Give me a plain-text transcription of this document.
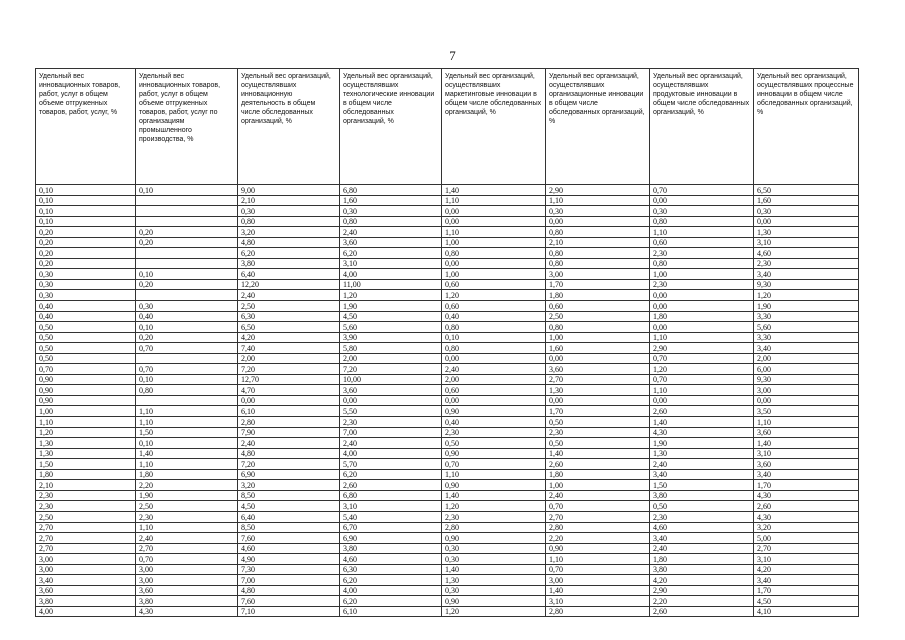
7
Удельный вес инновационных товаров, работ, услуг в общем объеме отгруженных товаров, работ, услуг, %	Удельный вес инновационных товаров, работ, услуг в общем объеме отгруженных товаров, работ, услуг по организациям промышленного производства, %	Удельный вес организаций, осуществлявших инновационную деятельность в общем числе обследованных организаций, %	Удельный вес организаций, осуществлявших технологические инновации в общем числе обследованных организаций, %	Удельный вес организаций, осуществлявших маркетинговые инновации в общем числе обследованных организаций, %	Удельный вес организаций, осуществлявших организационные инновации в общем числе обследованных организаций, %	Удельный вес организаций, осуществлявших продуктовые инновации в общем числе обследованных организаций, %	Удельный вес организаций, осуществлявших процессные инновации в общем числе обследованных организаций, %
0,10	0,10	9,00	6,80	1,40	2,90	0,70	6,50
0,10		2,10	1,60	1,10	1,10	0,00	1,60
0,10		0,30	0,30	0,00	0,30	0,30	0,30
0,10		0,80	0,80	0,00	0,00	0,80	0,00
0,20	0,20	3,20	2,40	1,10	0,80	1,10	1,30
0,20	0,20	4,80	3,60	1,00	2,10	0,60	3,10
0,20		6,20	6,20	0,80	0,80	2,30	4,60
0,20		3,80	3,10	0,00	0,80	0,80	2,30
0,30	0,10	6,40	4,00	1,00	3,00	1,00	3,40
0,30	0,20	12,20	11,00	0,60	1,70	2,30	9,30
0,30		2,40	1,20	1,20	1,80	0,00	1,20
0,40	0,30	2,50	1,90	0,60	0,60	0,00	1,90
0,40	0,40	6,30	4,50	0,40	2,50	1,80	3,30
0,50	0,10	6,50	5,60	0,80	0,80	0,00	5,60
0,50	0,20	4,20	3,90	0,10	1,00	1,10	3,30
0,50	0,70	7,40	5,80	0,80	1,60	2,90	3,40
0,50		2,00	2,00	0,00	0,00	0,70	2,00
0,70	0,70	7,20	7,20	2,40	3,60	1,20	6,00
0,90	0,10	12,70	10,00	2,00	2,70	0,70	9,30
0,90	0,80	4,70	3,60	0,60	1,30	1,10	3,00
0,90		0,00	0,00	0,00	0,00	0,00	0,00
1,00	1,10	6,10	5,50	0,90	1,70	2,60	3,50
1,10	1,10	2,80	2,30	0,40	0,50	1,40	1,10
1,20	1,50	7,90	7,00	2,30	2,30	4,30	3,60
1,30	0,10	2,40	2,40	0,50	0,50	1,90	1,40
1,30	1,40	4,80	4,00	0,90	1,40	1,30	3,10
1,50	1,10	7,20	5,70	0,70	2,60	2,40	3,60
1,80	1,80	6,90	6,20	1,10	1,80	3,40	3,40
2,10	2,20	3,20	2,60	0,90	1,00	1,50	1,70
2,30	1,90	8,50	6,80	1,40	2,40	3,80	4,30
2,30	2,50	4,50	3,10	1,20	0,70	0,50	2,60
2,50	2,30	6,40	5,40	2,30	2,70	2,30	4,30
2,70	1,10	8,50	6,70	2,80	2,80	4,60	3,20
2,70	2,40	7,60	6,90	0,90	2,20	3,40	5,00
2,70	2,70	4,60	3,80	0,30	0,90	2,40	2,70
3,00	0,70	4,90	4,60	0,30	1,10	1,80	3,10
3,00	3,00	7,30	6,30	1,40	0,70	3,80	4,20
3,40	3,00	7,00	6,20	1,30	3,00	4,20	3,40
3,60	3,60	4,80	4,00	0,30	1,40	2,90	1,70
3,80	3,80	7,60	6,20	0,90	3,10	2,20	4,50
4,00	4,30	7,10	6,10	1,20	2,80	2,60	4,10
